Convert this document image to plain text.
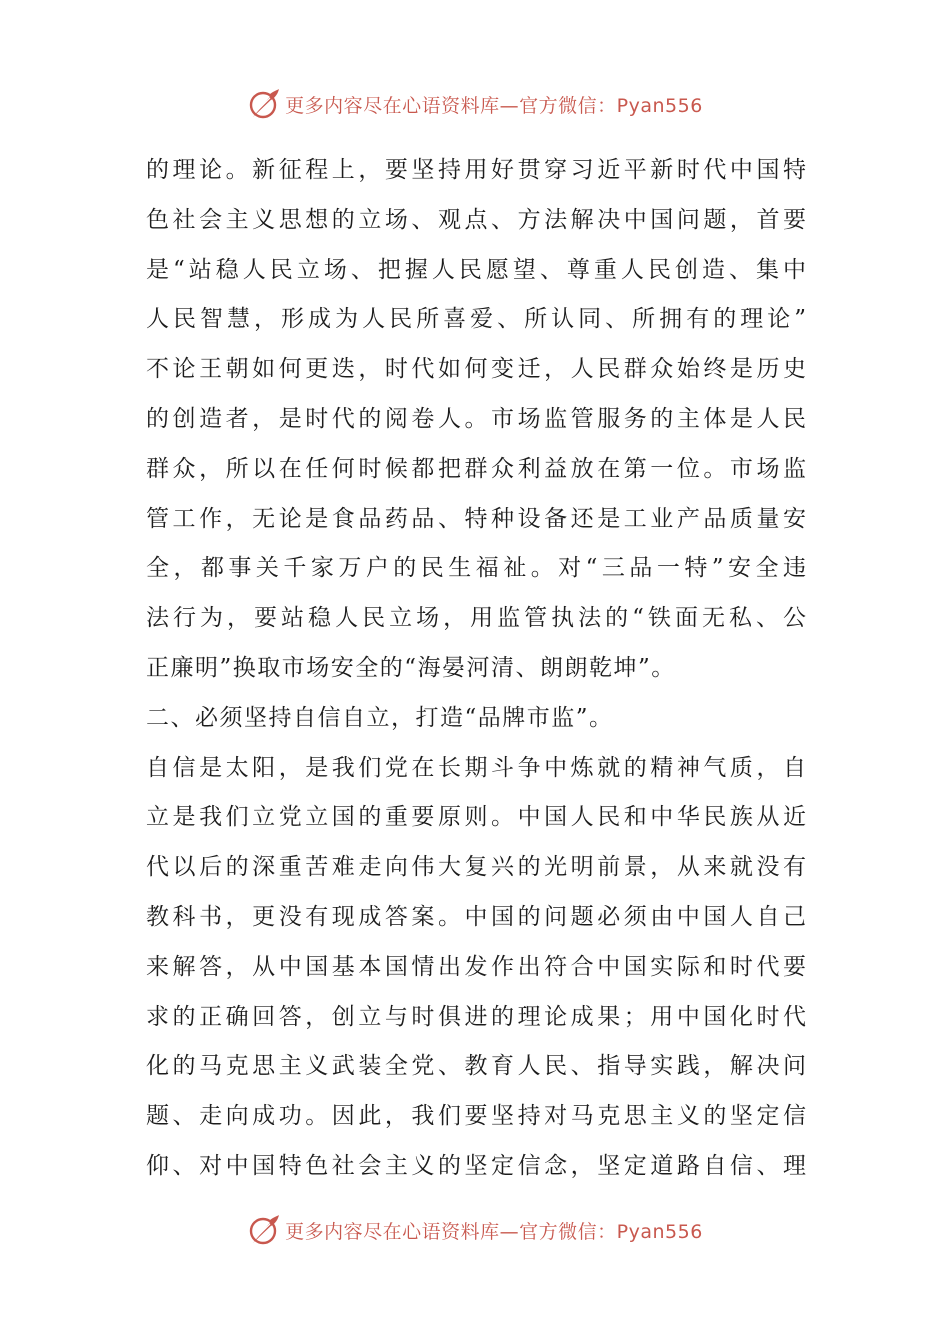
更多内容尽在心语资料库—官方微信：Pyan556
的理论。新征程上，要坚持用好贯穿习近平新时代中国特
色社会主义思想的立场、观点、方法解决中国问题，首要
是“站稳人民立场、把握人民愿望、尊重人民创造、集中
人民智慧，形成为人民所喜爱、所认同、所拥有的理论”
不论王朝如何更迭，时代如何变迁，人民群众始终是历史
的创造者，是时代的阅卷人。市场监管服务的主体是人民
群众，所以在任何时候都把群众利益放在第一位。市场监
管工作，无论是食品药品、特种设备还是工业产品质量安
全，都事关千家万户的民生福祉。对“三品一特”安全违
法行为，要站稳人民立场，用监管执法的“铁面无私、公
正廉明”换取市场安全的“海晏河清、朗朗乾坤”。
二、必须坚持自信自立，打造“品牌市监”。
自信是太阳，是我们党在长期斗争中炼就的精神气质，自
立是我们立党立国的重要原则。中国人民和中华民族从近
代以后的深重苦难走向伟大复兴的光明前景，从来就没有
教科书，更没有现成答案。中国的问题必须由中国人自己
来解答，从中国基本国情出发作出符合中国实际和时代要
求的正确回答，创立与时俱进的理论成果；用中国化时代
化的马克思主义武装全党、教育人民、指导实践，解决问
题、走向成功。因此，我们要坚持对马克思主义的坚定信
仰、对中国特色社会主义的坚定信念，坚定道路自信、理
更多内容尽在心语资料库—官方微信：Pyan556
